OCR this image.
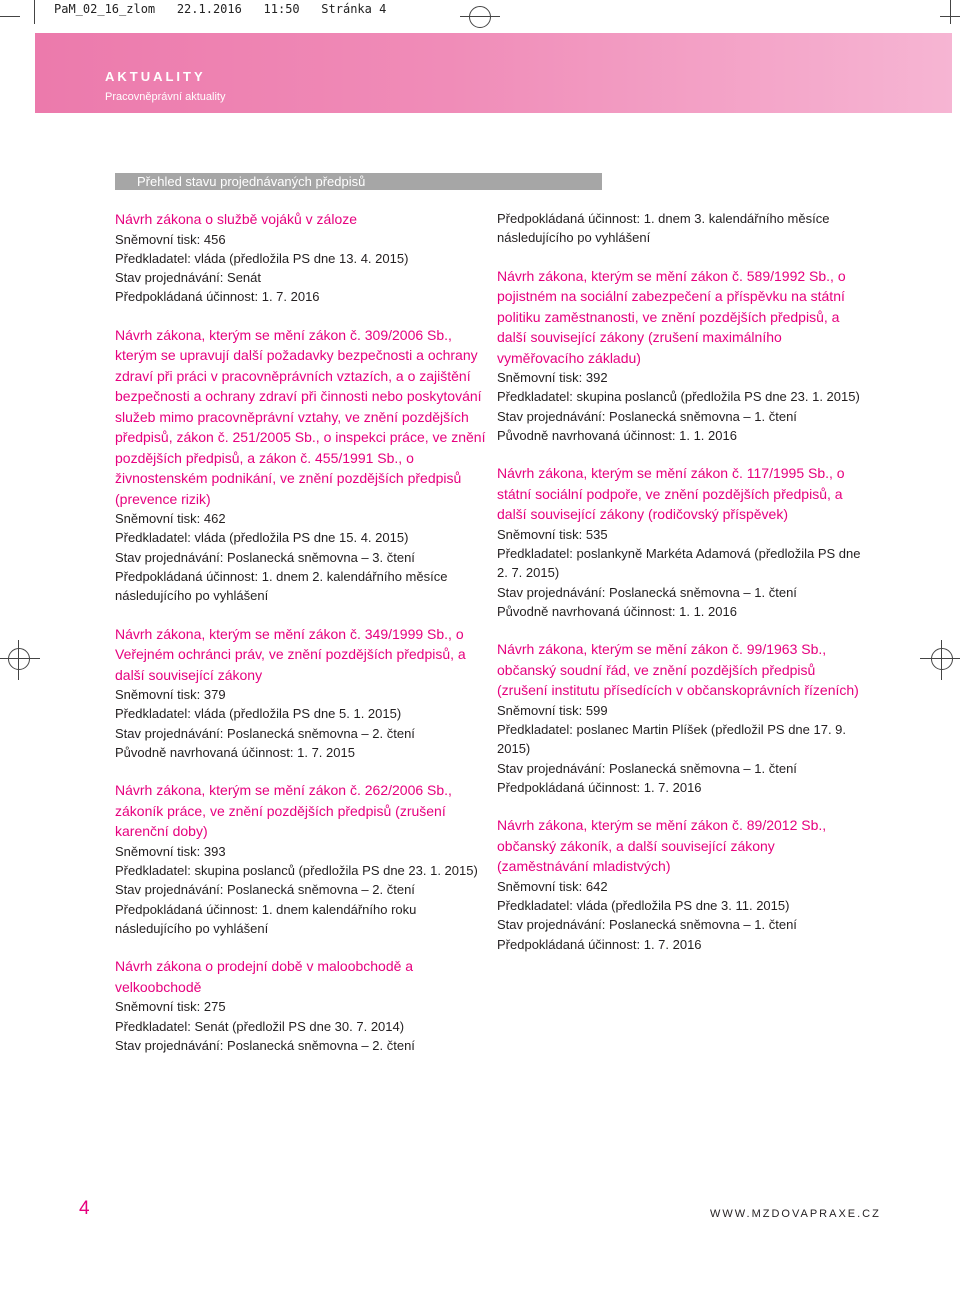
PaM_02_16_zlom   22.1.2016   11:50   Stránka 4
AKTUALITY
Pracovněprávní aktuality
Přehled stavu projednávaných předpisů
Návrh zákona o službě vojáků v záloze
Sněmovní tisk: 456
Předkladatel: vláda (předložila PS dne 13. 4. 2015)
Stav projednávání: Senát
Předpokládaná účinnost: 1. 7. 2016
Návrh zákona, kterým se mění zákon č. 309/2006 Sb., kterým se upravují další požadavky bezpečnosti a ochrany zdraví při práci v pracovněprávních vztazích, a o zajištění bezpečnosti a ochrany zdraví při činnosti nebo poskytování služeb mimo pracovněprávní vztahy, ve znění pozdějších předpisů, zákon č. 251/2005 Sb., o inspekci práce, ve znění pozdějších předpisů, a zákon č. 455/1991 Sb., o živnostenském podnikání, ve znění pozdějších předpisů (prevence rizik)
Sněmovní tisk: 462
Předkladatel: vláda (předložila PS dne 15. 4. 2015)
Stav projednávání: Poslanecká sněmovna – 3. čtení
Předpokládaná účinnost: 1. dnem 2. kalendářního měsíce následujícího po vyhlášení
Návrh zákona, kterým se mění zákon č. 349/1999 Sb., o Veřejném ochránci práv, ve znění pozdějších předpisů, a další související zákony
Sněmovní tisk: 379
Předkladatel: vláda (předložila PS dne 5. 1. 2015)
Stav projednávání: Poslanecká sněmovna – 2. čtení
Původně navrhovaná účinnost: 1. 7. 2015
Návrh zákona, kterým se mění zákon č. 262/2006 Sb., zákoník práce, ve znění pozdějších předpisů (zrušení karenční doby)
Sněmovní tisk: 393
Předkladatel: skupina poslanců (předložila PS dne 23. 1. 2015)
Stav projednávání: Poslanecká sněmovna – 2. čtení
Předpokládaná účinnost: 1. dnem kalendářního roku následujícího po vyhlášení
Návrh zákona o prodejní době v maloobchodě a velkoobchodě
Sněmovní tisk: 275
Předkladatel: Senát (předložil PS dne 30. 7. 2014)
Stav projednávání: Poslanecká sněmovna – 2. čtení
Předpokládaná účinnost: 1. dnem 3. kalendářního měsíce následujícího po vyhlášení
Návrh zákona, kterým se mění zákon č. 589/1992 Sb., o pojistném na sociální zabezpečení a příspěvku na státní politiku zaměstnanosti, ve znění pozdějších předpisů, a další související zákony (zrušení maximálního vyměřovacího základu)
Sněmovní tisk: 392
Předkladatel: skupina poslanců (předložila PS dne 23. 1. 2015)
Stav projednávání: Poslanecká sněmovna – 1. čtení
Původně navrhovaná účinnost: 1. 1. 2016
Návrh zákona, kterým se mění zákon č. 117/1995 Sb., o státní sociální podpoře, ve znění pozdějších předpisů, a další související zákony (rodičovský příspěvek)
Sněmovní tisk: 535
Předkladatel: poslankyně Markéta Adamová (předložila PS dne 2. 7. 2015)
Stav projednávání: Poslanecká sněmovna – 1. čtení
Původně navrhovaná účinnost: 1. 1. 2016
Návrh zákona, kterým se mění zákon č. 99/1963 Sb., občanský soudní řád, ve znění pozdějších předpisů (zrušení institutu přísedících v občanskoprávních řízeních)
Sněmovní tisk: 599
Předkladatel: poslanec Martin Plíšek (předložil PS dne 17. 9. 2015)
Stav projednávání: Poslanecká sněmovna – 1. čtení
Předpokládaná účinnost: 1. 7. 2016
Návrh zákona, kterým se mění zákon č. 89/2012 Sb., občanský zákoník, a další související zákony (zaměstnávání mladistvých)
Sněmovní tisk: 642
Předkladatel: vláda (předložila PS dne 3. 11. 2015)
Stav projednávání: Poslanecká sněmovna – 1. čtení
Předpokládaná účinnost: 1. 7. 2016
4	WWW.MZDOVAPRAXE.CZ
